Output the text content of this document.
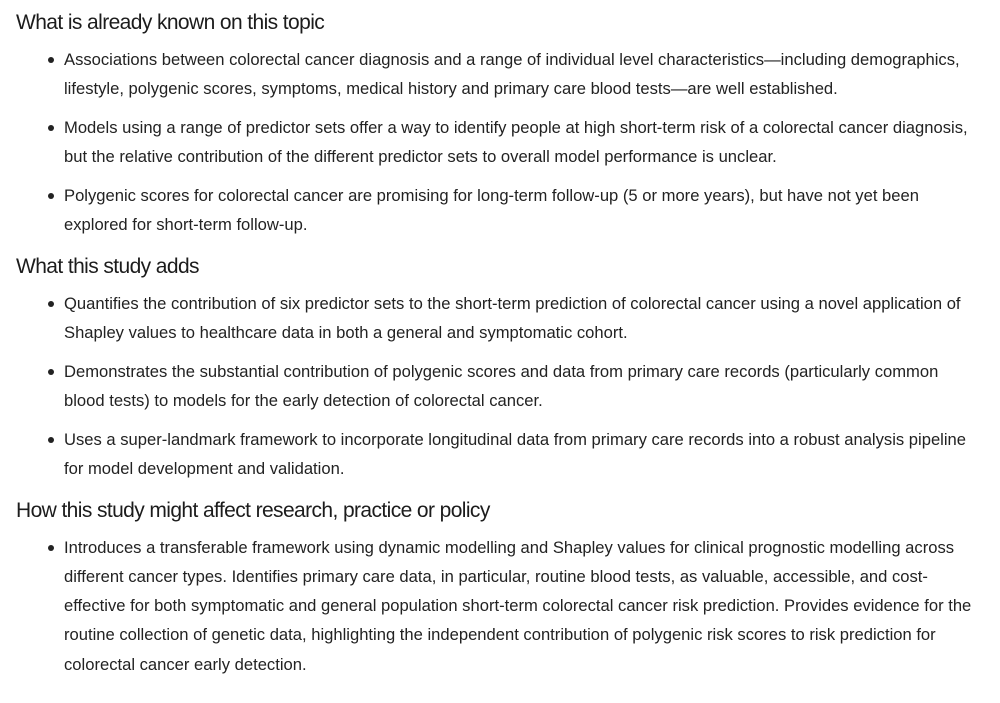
What is already known on this topic
Associations between colorectal cancer diagnosis and a range of individual level characteristics—including demographics, lifestyle, polygenic scores, symptoms, medical history and primary care blood tests—are well established.
Models using a range of predictor sets offer a way to identify people at high short-term risk of a colorectal cancer diagnosis, but the relative contribution of the different predictor sets to overall model performance is unclear.
Polygenic scores for colorectal cancer are promising for long-term follow-up (5 or more years), but have not yet been explored for short-term follow-up.
What this study adds
Quantifies the contribution of six predictor sets to the short-term prediction of colorectal cancer using a novel application of Shapley values to healthcare data in both a general and symptomatic cohort.
Demonstrates the substantial contribution of polygenic scores and data from primary care records (particularly common blood tests) to models for the early detection of colorectal cancer.
Uses a super-landmark framework to incorporate longitudinal data from primary care records into a robust analysis pipeline for model development and validation.
How this study might affect research, practice or policy
Introduces a transferable framework using dynamic modelling and Shapley values for clinical prognostic modelling across different cancer types. Identifies primary care data, in particular, routine blood tests, as valuable, accessible, and cost-effective for both symptomatic and general population short-term colorectal cancer risk prediction. Provides evidence for the routine collection of genetic data, highlighting the independent contribution of polygenic risk scores to risk prediction for colorectal cancer early detection.
